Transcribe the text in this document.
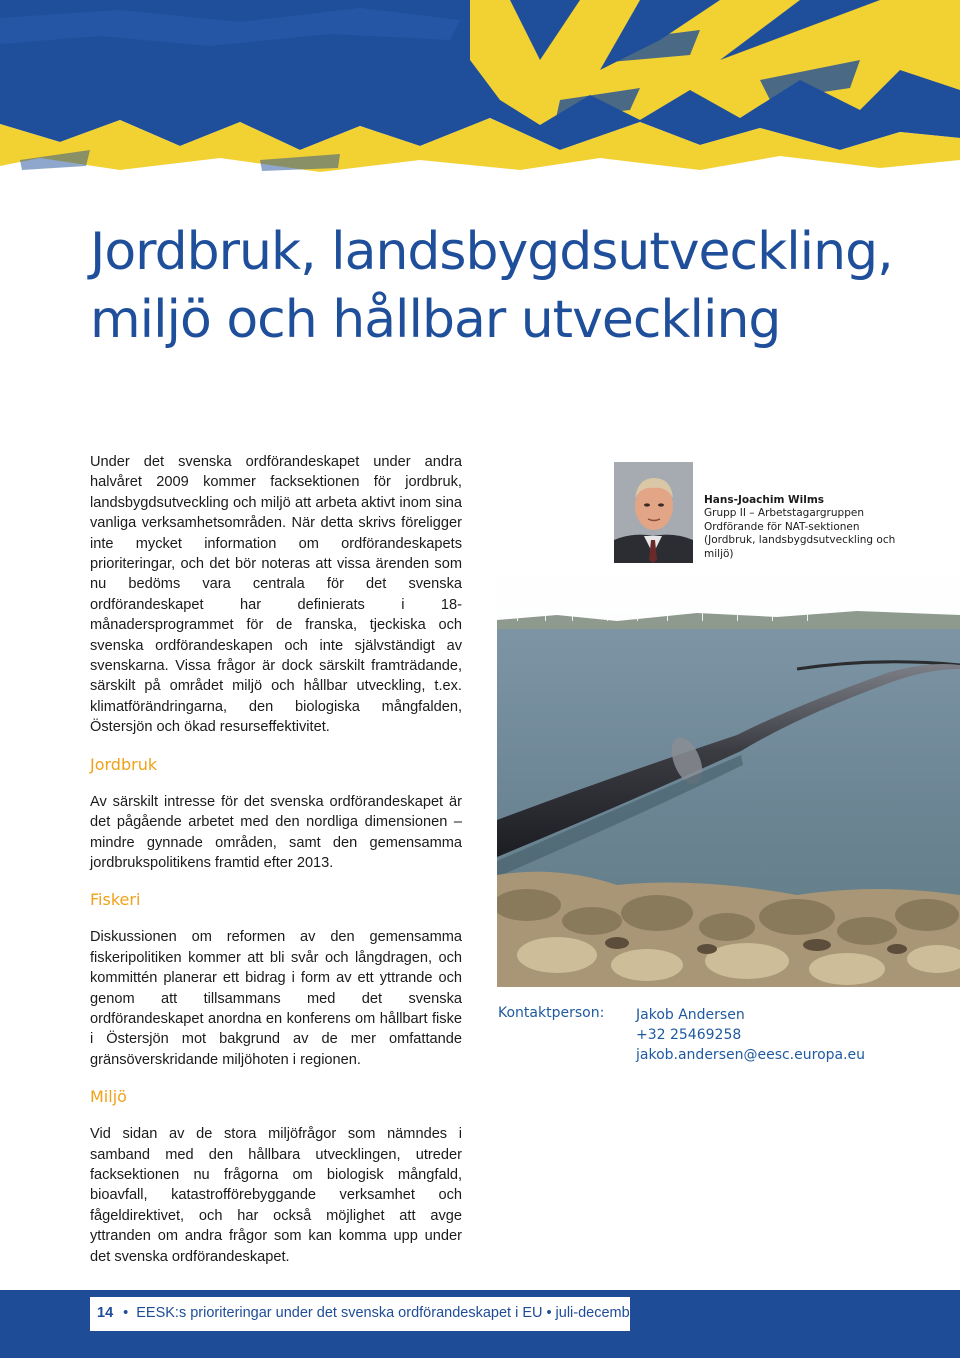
Jordbruk, landsbygdsutveckling,
miljö och hållbar utveckling

Under det svenska ordförandeskapet under andra halvåret 2009 kommer facksektionen för jordbruk, landsbygdsutveckling och miljö att arbeta aktivt inom sina vanliga verksamhetsområden. När detta skrivs föreligger inte mycket information om ordförandeskapets prioriteringar, och det bör noteras att vissa ärenden som nu bedöms vara centrala för det svenska ordförandeskapet har definierats i 18-månadersprogrammet för de franska, tjeckiska och svenska ordförandeskapen och inte självständigt av svenskarna. Vissa frågor är dock särskilt framträdande, särskilt på området miljö och hållbar utveckling, t.ex. klimatförändringarna, den biologiska mångfalden, Östersjön och ökad resurseffektivitet.

Jordbruk

Av särskilt intresse för det svenska ordförandeskapet är det pågående arbetet med den nordliga dimensionen – mindre gynnade områden, samt den gemensamma jordbrukspolitikens framtid efter 2013.

Fiskeri

Diskussionen om reformen av den gemensamma fiskeripolitiken kommer att bli svår och långdragen, och kommittén planerar ett bidrag i form av ett yttrande och genom att tillsammans med det svenska ordförandeskapet anordna en konferens om hållbart fiske i Östersjön mot bakgrund av de mer omfattande gränsöverskridande miljöhoten i regionen.

Miljö

Vid sidan av de stora miljöfrågor som nämndes i samband med den hållbara utvecklingen, utreder facksektionen nu frågorna om biologisk mångfald, bioavfall, katastrofförebyggande verksamhet och fågeldirektivet, och har också möjlighet att avge yttranden om andra frågor som kan komma upp under det svenska ordförandeskapet.

Hans-Joachim Wilms
Grupp II – Arbetstagargruppen
Ordförande för NAT-sektionen
(Jordbruk, landsbygdsutveckling och miljö)
Kontaktperson: Jakob Andersen
+32 25469258
jakob.andersen@eesc.europa.eu
14 • EESK:s prioriteringar under det svenska ordförandeskapet i EU • juli-december 2009
